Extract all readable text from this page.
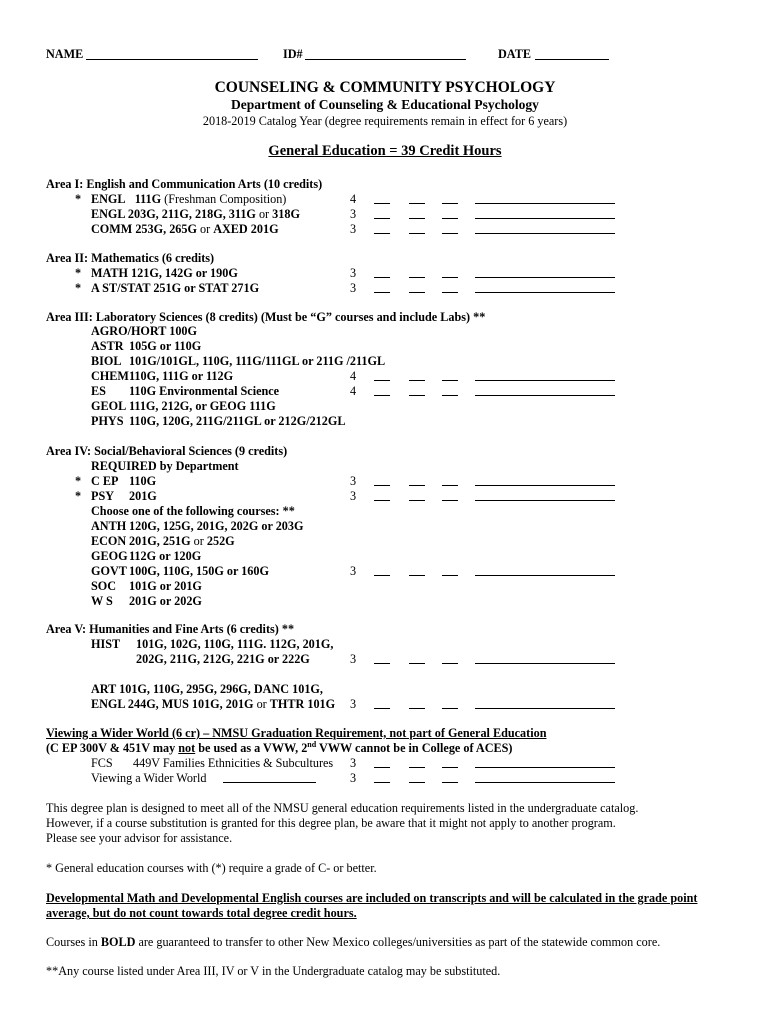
NAME	ID#	DATE
COUNSELING & COMMUNITY PSYCHOLOGY
Department of Counseling & Educational Psychology
2018-2019 Catalog Year (degree requirements remain in effect for 6 years)
General Education = 39 Credit Hours
Area I: English and Communication Arts (10 credits)
* ENGL 111G (Freshman Composition)	4
ENGL 203G, 211G, 218G, 311G or 318G	3
COMM 253G, 265G or AXED 201G	3
Area II: Mathematics (6 credits)
* MATH 121G, 142G or 190G	3
* A ST/STAT 251G or STAT 271G	3
Area III: Laboratory Sciences (8 credits) (Must be “G” courses and include Labs) **
AGRO/HORT 100G
ASTR 105G or 110G
BIOL 101G/101GL, 110G, 111G/111GL or 211G /211GL
CHEM110G, 111G or 112G	4
ES 110G Environmental Science	4
GEOL 111G, 212G, or GEOG 111G
PHYS 110G, 120G, 211G/211GL or 212G/212GL
Area IV: Social/Behavioral Sciences (9 credits)
REQUIRED by Department
* C EP 110G	3
* PSY 201G	3
Choose one of the following courses: **
ANTH 120G, 125G, 201G, 202G or 203G
ECON 201G, 251G or 252G
GEOG112G or 120G
GOVT 100G, 110G, 150G or 160G	3
SOC 101G or 201G
W S 201G or 202G
Area V: Humanities and Fine Arts (6 credits) **
HIST 101G, 102G, 110G, 111G. 112G, 201G,
202G, 211G, 212G, 221G or 222G	3
ART 101G, 110G, 295G, 296G, DANC 101G,
ENGL 244G, MUS 101G, 201G or THTR 101G 3
Viewing a Wider World (6 cr) – NMSU Graduation Requirement, not part of General Education
(C EP 300V & 451V may not be used as a VWW, 2nd VWW cannot be in College of ACES)
FCS 449V Families Ethnicities & Subcultures 3
Viewing a Wider World	3
This degree plan is designed to meet all of the NMSU general education requirements listed in the undergraduate catalog.
However, if a course substitution is granted for this degree plan, be aware that it might not apply to another program.
Please see your advisor for assistance.
* General education courses with (*) require a grade of C- or better.
Developmental Math and Developmental English courses are included on transcripts and will be calculated in the grade point
average, but do not count towards total degree credit hours.
Courses in BOLD are guaranteed to transfer to other New Mexico colleges/universities as part of the statewide common core.
**Any course listed under Area III, IV or V in the Undergraduate catalog may be substituted.
